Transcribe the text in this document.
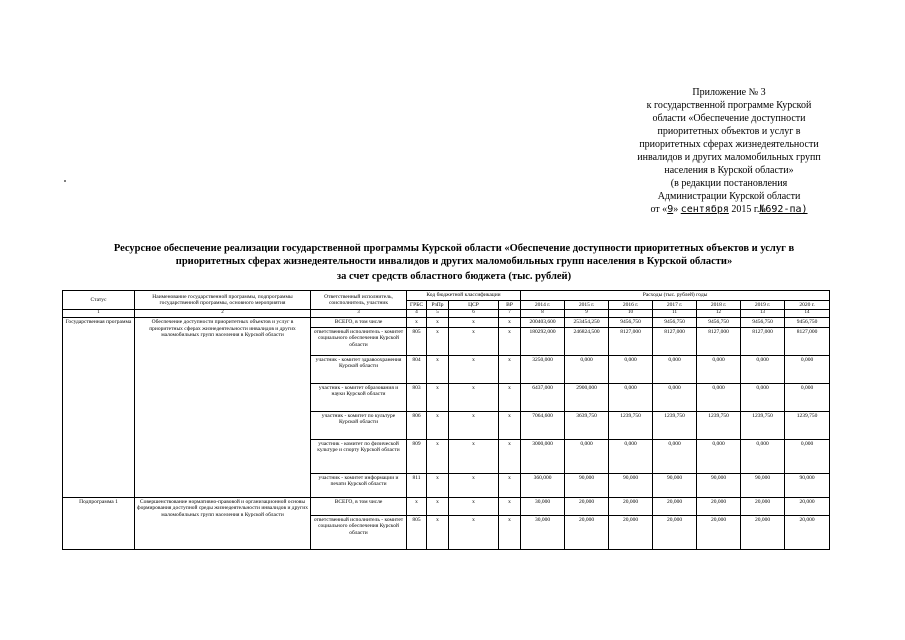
Приложение № 3
к государственной программе Курской
области «Обеспечение доступности
приоритетных объектов и услуг в
приоритетных сферах жизнедеятельности
инвалидов и других маломобильных групп
населения в Курской области»
(в редакции постановления
Администрации Курской области
от «9» сентября 2015 г.№692-па)
Ресурсное обеспечение реализации государственной программы Курской области «Обеспечение доступности приоритетных объектов и услуг в
приоритетных сферах жизнедеятельности инвалидов и других маломобильных групп населения в Курской области»
за счет средств областного бюджета (тыс. рублей)
Статус	Наименование государственной программы, подпрограммы государственной программы, основного мероприятия	Ответственный исполнитель, соисполнитель, участник	Код бюджетной классификации				Расходы (тыс. рублей) годы						
			ГРБС	РзПр	ЦСР	ВР	2014 г.	2015 г.	2016 г.	2017 г.	2018 г.	2019 г.	2020 г.
1	2	3	4	5	6	7	8	9	10	11	12	13	14
Государственная программа	Обеспечение доступности приоритетных объектов и услуг в приоритетных сферах жизнедеятельности инвалидов и других маломобильных групп населения в Курской области	ВСЕГО, в том числе	x	x	x	x	200403,600	253454,250	9456,750	9456,750	9456,750	9456,750	9456,750
		ответственный исполнитель - комитет социального обеспечения Курской области	805	x	x	x	180292,000	246824,500	8127,000	8127,000	8127,000	8127,000	8127,000
		участник - комитет здравоохранения Курской области	804	x	x	x	3250,000	0,000	0,000	0,000	0,000	0,000	0,000
		участник - комитет образования и науки Курской области	803	x	x	x	6437,000	2900,000	0,000	0,000	0,000	0,000	0,000
		участник - комитет по культуре Курской области	806	x	x	x	7064,600	3639,750	1239,750	1239,750	1239,750	1239,750	1239,750
		участник - комитет по физической культуре и спорту Курской области	809	x	x	x	3000,000	0,000	0,000	0,000	0,000	0,000	0,000
		участник - комитет информации и печати Курской области	811	x	x	x	360,000	90,000	90,000	90,000	90,000	90,000	90,000
Подпрограмма 1	Совершенствование нормативно-правовой и организационной основы формирования доступной среды жизнедеятельности инвалидов и других маломобильных групп населения в Курской области	ВСЕГО, в том числе	x	x	x	x	30,000	20,000	20,000	20,000	20,000	20,000	20,000
		ответственный исполнитель - комитет социального обеспечения Курской области	805	x	x	x	30,000	20,000	20,000	20,000	20,000	20,000	20,000
